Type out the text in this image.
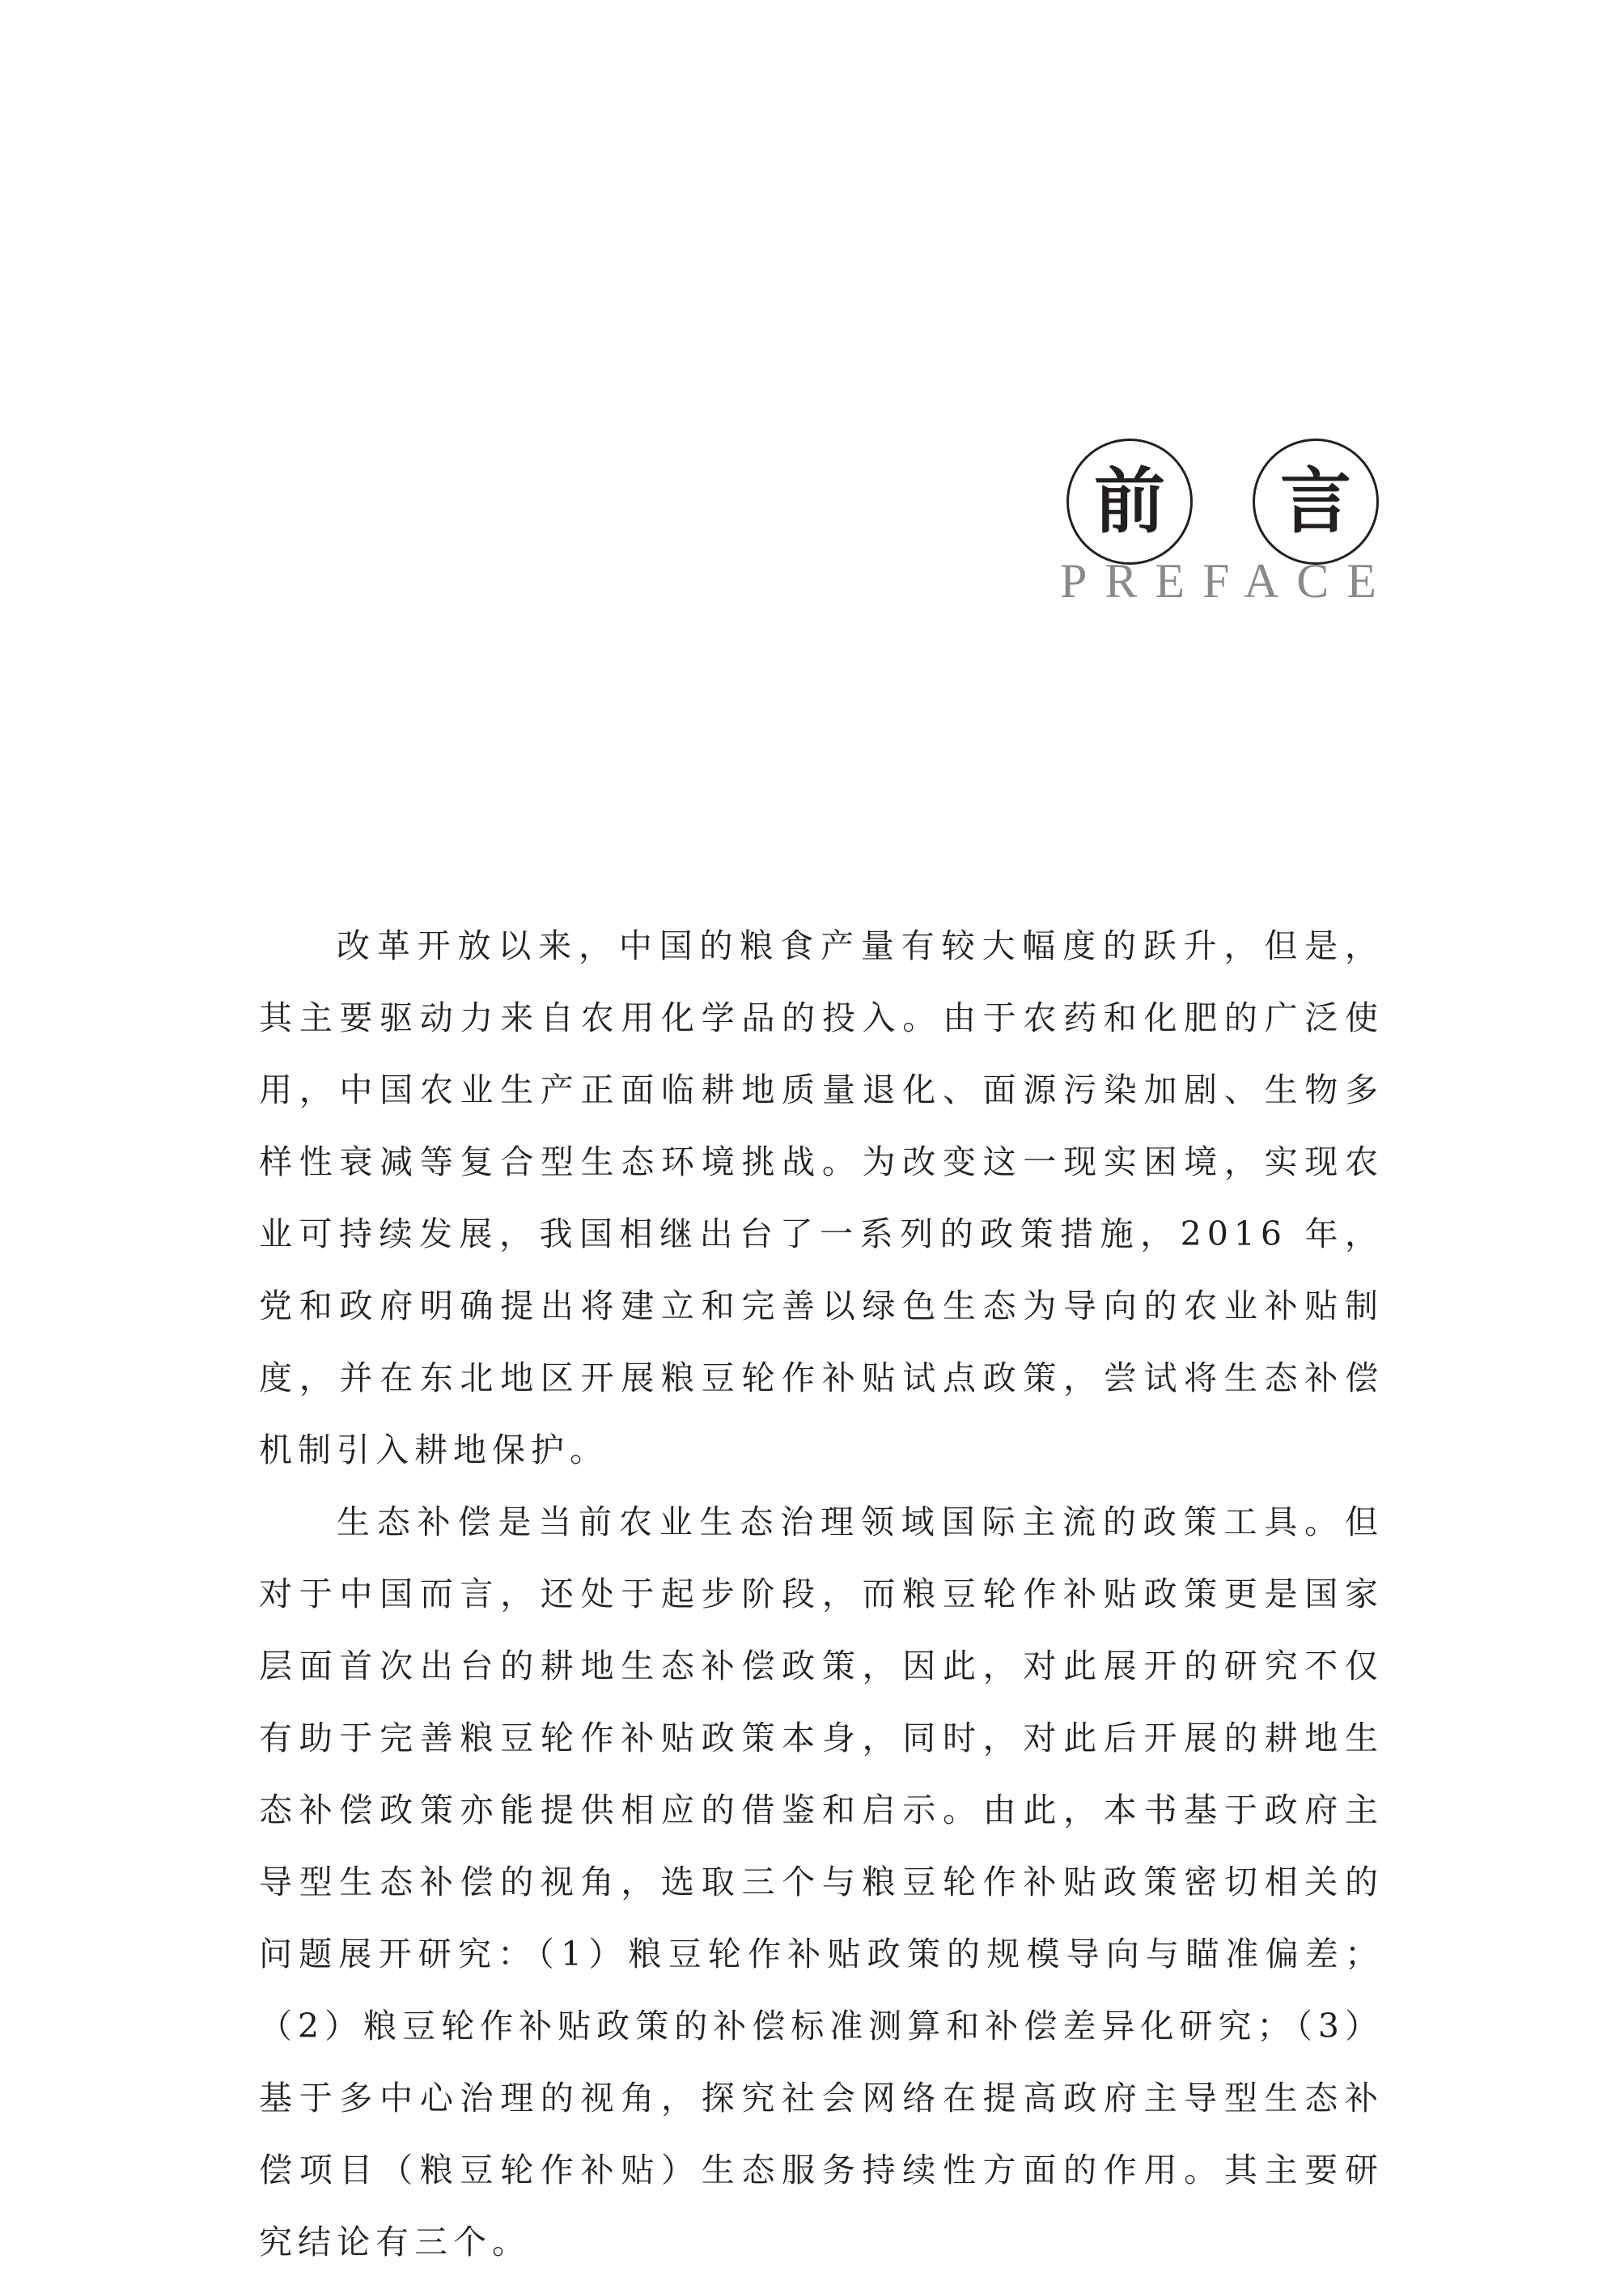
前	言
PREFACE

改革开放以来，中国的粮食产量有较大幅度的跃升，但是，其主要驱动力来自农用化学品的投入。由于农药和化肥的广泛使用，中国农业生产正面临耕地质量退化、面源污染加剧、生物多样性衰减等复合型生态环境挑战。为改变这一现实困境，实现农业可持续发展，我国相继出台了一系列的政策措施，2016 年，党和政府明确提出将建立和完善以绿色生态为导向的农业补贴制度，并在东北地区开展粮豆轮作补贴试点政策，尝试将生态补偿机制引入耕地保护。

生态补偿是当前农业生态治理领域国际主流的政策工具。但对于中国而言，还处于起步阶段，而粮豆轮作补贴政策更是国家层面首次出台的耕地生态补偿政策，因此，对此展开的研究不仅有助于完善粮豆轮作补贴政策本身，同时，对此后开展的耕地生态补偿政策亦能提供相应的借鉴和启示。由此，本书基于政府主导型生态补偿的视角，选取三个与粮豆轮作补贴政策密切相关的问题展开研究：（1）粮豆轮作补贴政策的规模导向与瞄准偏差；（2）粮豆轮作补贴政策的补偿标准测算和补偿差异化研究；（3）基于多中心治理的视角，探究社会网络在提高政府主导型生态补偿项目（粮豆轮作补贴）生态服务持续性方面的作用。其主要研究结论有三个。
